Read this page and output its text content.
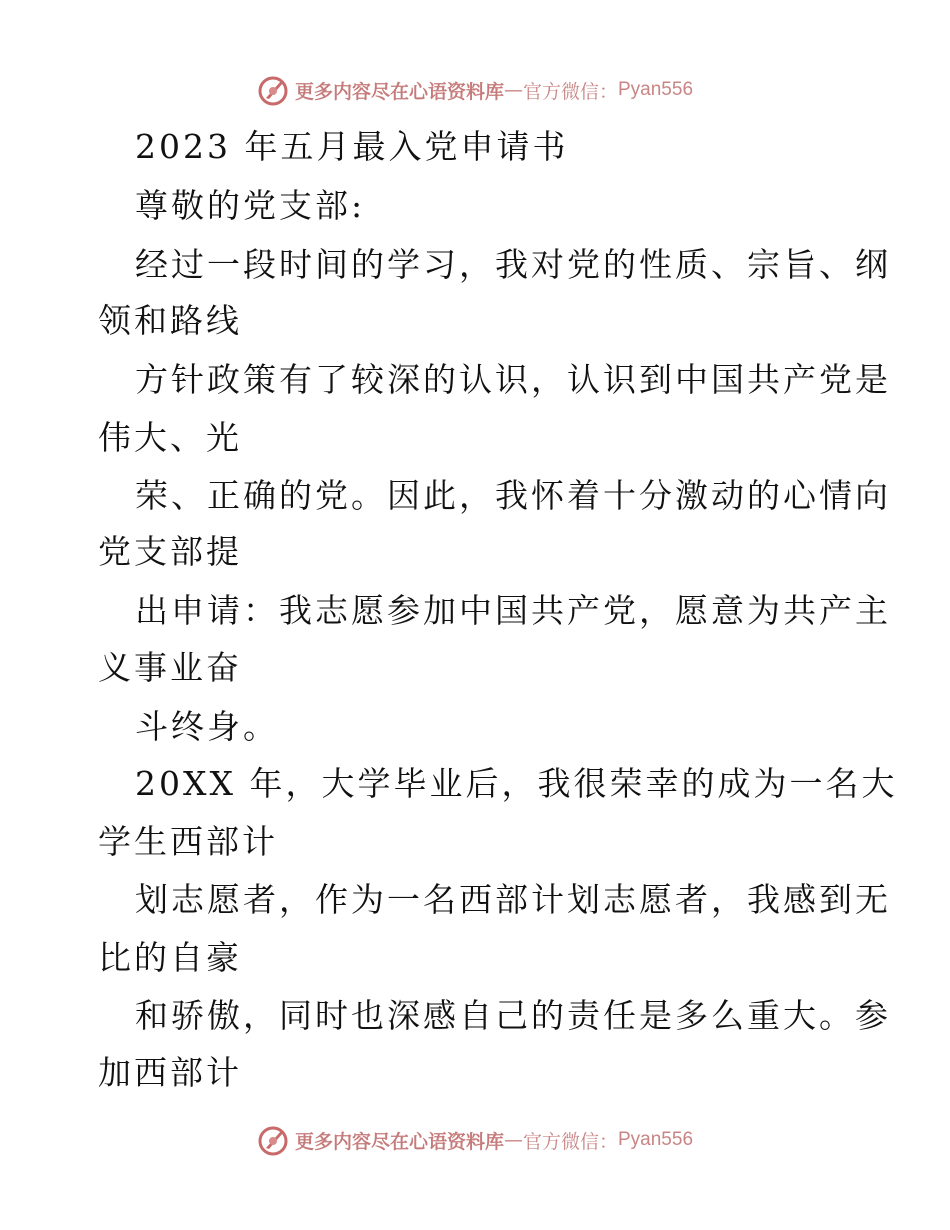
更多内容尽在心语资料库 — 官方微信： Pyan556
2023 年五月最入党申请书
尊敬的党支部:
经过一段时间的学习，我对党的性质、宗旨、纲
领和路线
方针政策有了较深的认识，认识到中国共产党是
伟大、光
荣、正确的党。因此，我怀着十分激动的心情向
党支部提
出申请：我志愿参加中国共产党，愿意为共产主
义事业奋
斗终身。
20XX 年，大学毕业后，我很荣幸的成为一名大
学生西部计
划志愿者，作为一名西部计划志愿者，我感到无
比的自豪
和骄傲，同时也深感自己的责任是多么重大。参
加西部计
更多内容尽在心语资料库 — 官方微信： Pyan556
